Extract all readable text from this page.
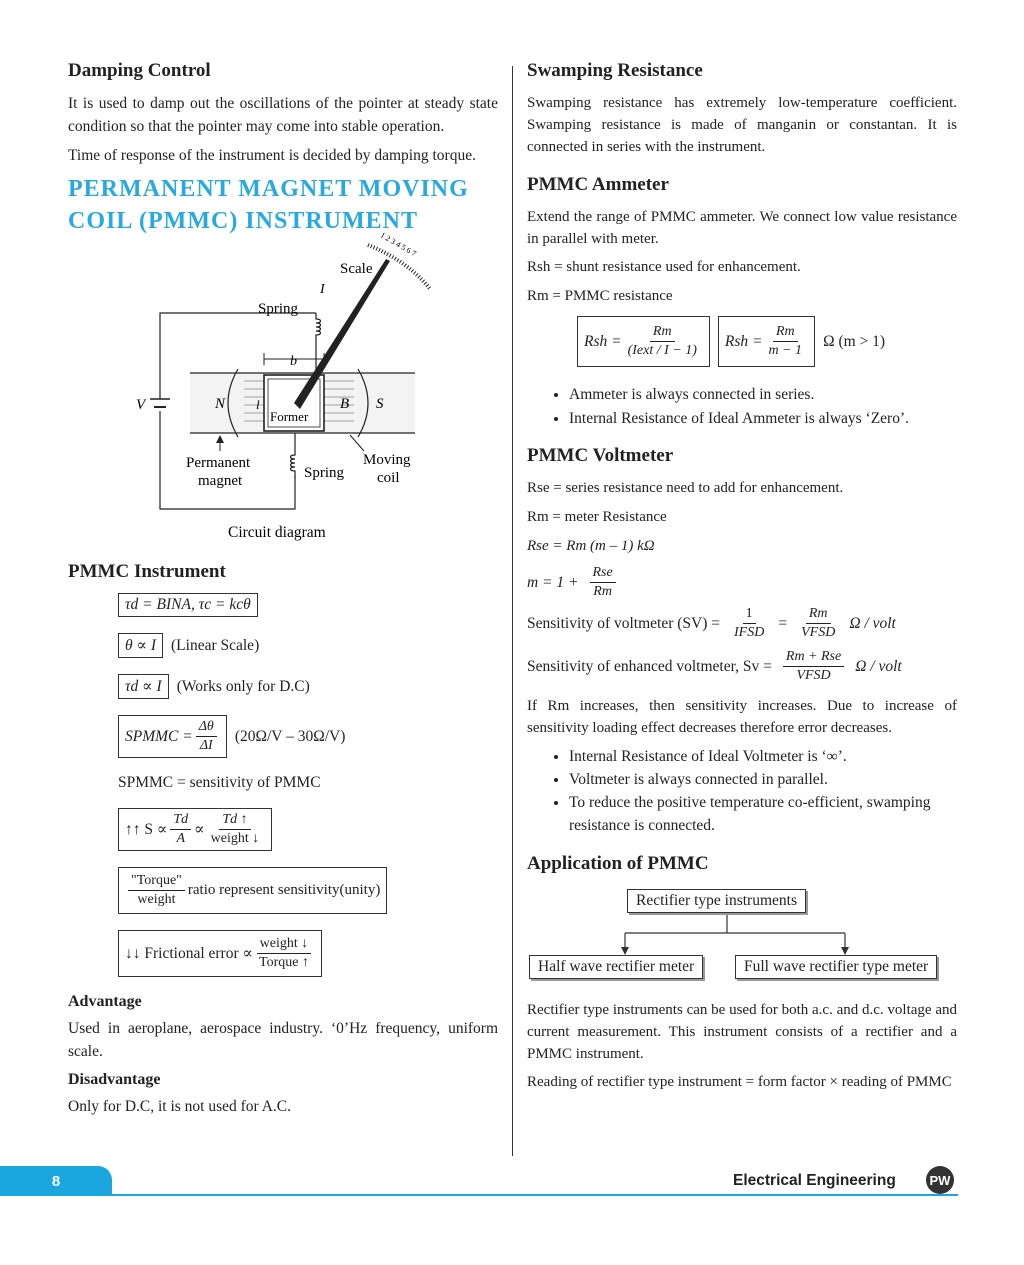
Damping Control

It is used to damp out the oscillations of the pointer at steady state condition so that the pointer may come into stable operation.

Time of response of the instrument is decided by damping torque.

PERMANENT MAGNET MOVING
COIL (PMMC) INSTRUMENT
V	N	S
Former
l	B
b
Spring
I
Spring
Scale
1 2 3 4 5 6 7
Permanent
magnet
Moving
coil
Circuit diagram
PMMC Instrument
τd = BINA, τc = kcθ
θ ∝ I (Linear Scale)
τd ∝ I (Works only for D.C)
SPMMC = $\frac{\Delta\theta}{\Delta I} (20\Omega/V - 30\Omega/V)$
SPMMC = sensitivity of PMMC
↑↑ $S \propto \frac{Td}{A} \propto \frac{Td ↑}{\text{weight ↓}}$
$\frac{\text{"Torque"}}{\text{weight}}$ ratio represent sensitivity(unity)
↓↓ Frictional error ∝ $\frac{\text{weight ↓}}{\text{Torque ↑}}$
Advantage

Used in aeroplane, aerospace industry. ‘0’Hz frequency, uniform scale.

Disadvantage

Only for D.C, it is not used for A.C.

Swamping Resistance

Swamping resistance has extremely low-temperature coefficient. Swamping resistance is made of manganin or constantan. It is connected in series with the instrument.

PMMC Ammeter

Extend the range of PMMC ammeter. We connect low value resistance in parallel with meter.

Rsh = shunt resistance used for enhancement.

Rm = PMMC resistance

Rsh = $\frac{Rm}{\text{(Iext / I − 1)}}$ Rsh = $\frac{Rm}{m - 1}$ Ω (m > 1)
• Ammeter is always connected in series.
• Internal Resistance of Ideal Ammeter is always ‘Zero’.
PMMC Voltmeter

Rse = series resistance need to add for enhancement.

Rm = meter Resistance

Rse = Rm (m – 1) kΩ

$m = 1 + \frac{\text{Rse}}{Rm}$
Sensitivity of voltmeter $(SV) = \frac{1}{\text{IFSD}} = \frac{Rm}{\text{VFSD}}$ Ω / volt
Sensitivity of enhanced voltmeter, $Sv = \frac{\text{Rm + Rse}}{\text{VFSD}}$ Ω / volt

If Rm increases, then sensitivity increases. Due to increase of sensitivity loading effect decreases therefore error decreases.

• Internal Resistance of Ideal Voltmeter is ‘∞’.
• Voltmeter is always connected in parallel.
• To reduce the positive temperature co-efficient, swamping resistance is connected.
Application of PMMC
Rectifier type instruments
Half wave rectifier meter	Full wave rectifier type meter

Rectifier type instruments can be used for both a.c. and d.c. voltage and current measurement. This instrument consists of a rectifier and a PMMC instrument.

Reading of rectifier type instrument = form factor × reading of PMMC

8	Electrical Engineering	PW
